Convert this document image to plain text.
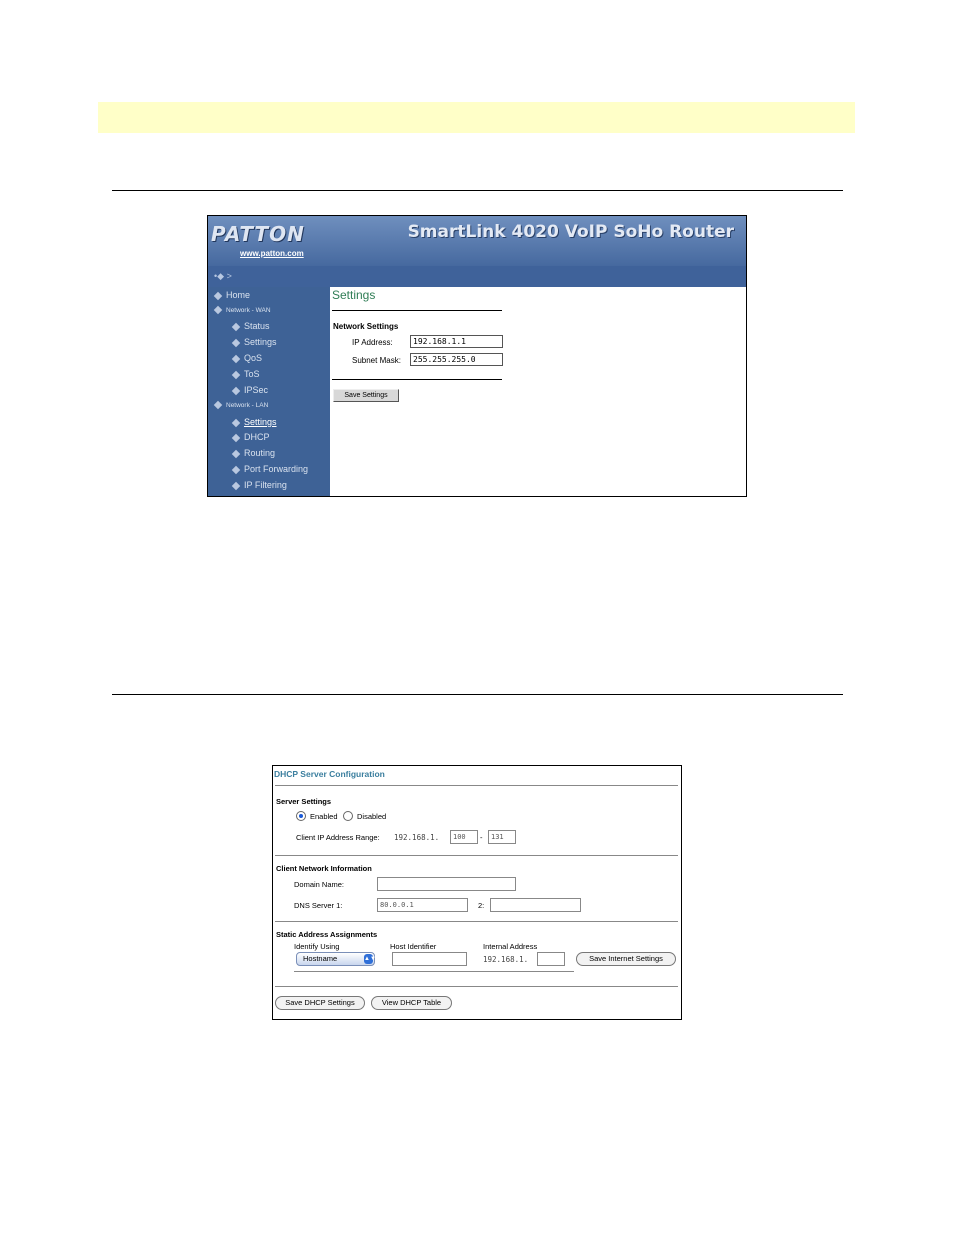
PATTON
www.patton.com
SmartLink 4020 VoIP SoHo Router
•◆ >
Home
Network - WAN
Status
Settings
QoS
ToS
IPSec
Network - LAN
Settings
DHCP
Routing
Port Forwarding
IP Filtering
Settings
Network Settings
IP Address:	192.168.1.1
Subnet Mask:	255.255.255.0
Save Settings
DHCP Server Configuration
Server Settings
Enabled	Disabled
Client IP Address Range: 192.168.1.	100	-	131
Client Network Information
Domain Name:
DNS Server 1:	80.0.0.1	2:
Static Address Assignments
Identify Using	Host Identifier	Internal Address
Hostname	▲▼	192.168.1.	Save Internet Settings
Save DHCP Settings	View DHCP Table
